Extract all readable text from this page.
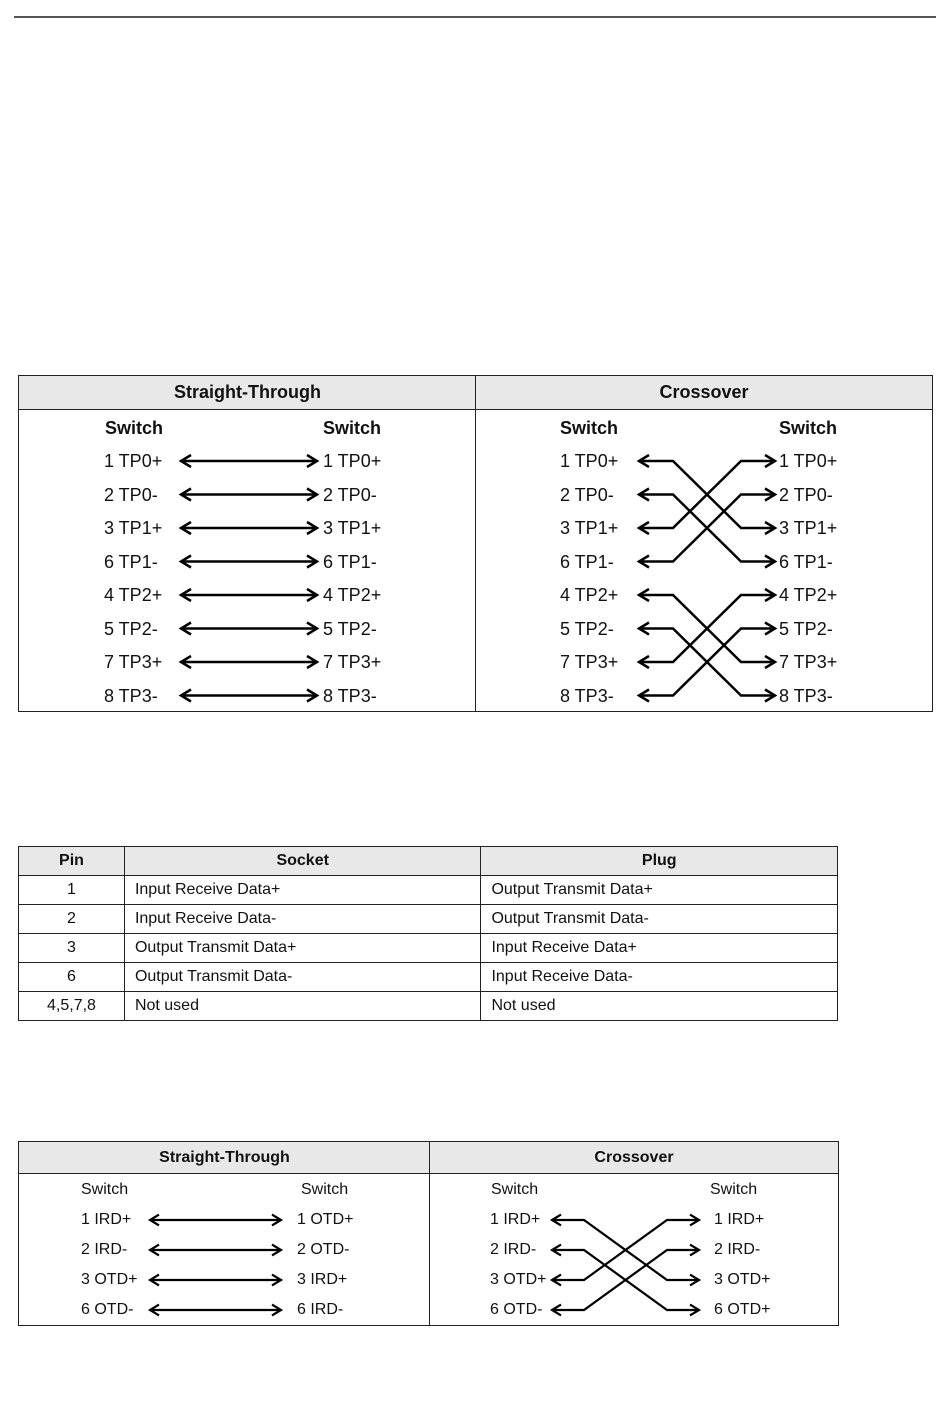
Straight-Through	Crossover
Switch	Switch	Switch	Switch
1 TP0+	1 TP0+
2 TP0-	2 TP0-
3 TP1+	3 TP1+
6 TP1-	6 TP1-
4 TP2+	4 TP2+
5 TP2-	5 TP2-
7 TP3+	7 TP3+
8 TP3-	8 TP3-
1 TP0+	1 TP0+
2 TP0-	2 TP0-
3 TP1+	3 TP1+
6 TP1-	6 TP1-
4 TP2+	4 TP2+
5 TP2-	5 TP2-
7 TP3+	7 TP3+
8 TP3-	8 TP3-
Pin	Socket	Plug
1	Input Receive Data+	Output Transmit Data+
2	Input Receive Data-	Output Transmit Data-
3	Output Transmit Data+	Input Receive Data+
6	Output Transmit Data-	Input Receive Data-
4,5,7,8	Not used	Not used
Straight-Through	Crossover
Switch	Switch	Switch	Switch
1 IRD+	1 OTD+
2 IRD-	2 OTD-
3 OTD+	3 IRD+
6 OTD-	6 IRD-
1 IRD+	1 IRD+
2 IRD-	2 IRD-
3 OTD+	3 OTD+
6 OTD-	6 OTD+
